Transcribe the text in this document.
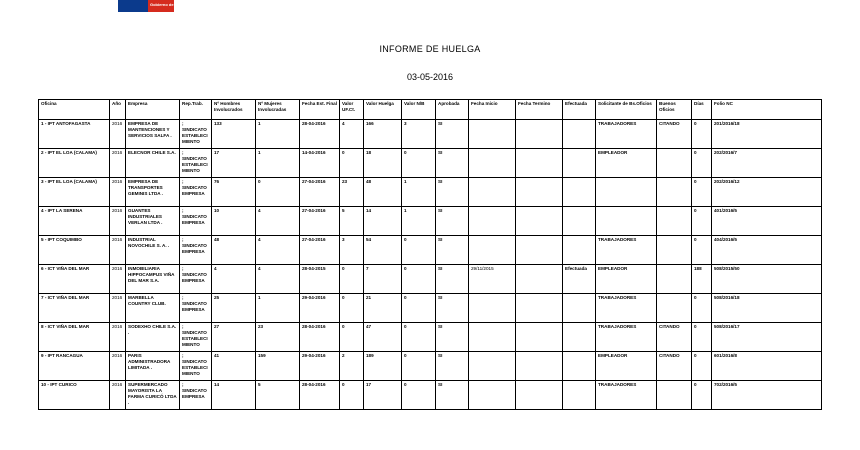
Gobierno de Chile
INFORME DE HUELGA
03-05-2016
Oficina	Año	Empresa	Rep.Trab.	Nº Hombres Involucrados	Nº Mujeres Involucradas	Fecha Est. Final	Valor UF.Ct.	Valor Huelga	Valor N/B	Aprobada	Fecha Inicio	Fecha Termino	Efectuada	Solicitante de Bs.Oficios	Buenos Oficios	Días	Folio NC
1 - IPT ANTOFAGASTA	2016	EMPRESA DE MANTENCIONES Y SERVICIOS SALFA .	; SINDICATO ESTABLECIMIENTO	133	1	28-04-2016	4	166	3	SI				TRABAJADORES	CITANDO	0	201/2016/18
2 - IPT EL LOA (CALAMA)	2016	ELECNOR CHILE S.A.	; SINDICATO ESTABLECIMIENTO	17	1	14-04-2016	0	18	0	SI				EMPLEADOR		0	202/2016/7
3 - IPT EL LOA (CALAMA)	2016	EMPRESA DE TRANSPORTES GEMINIS LTDA .	; SINDICATO EMPRESA	76	0	27-04-2016	23	48	1	SI						0	202/2016/12
4 - IPT LA SERENA	2016	GUANTES INDUSTRIALES VERLAN LTDA .	; SINDICATO EMPRESA	10	4	27-04-2016	5	14	1	SI						0	401/2016/5
5 - IPT COQUIMBO	2016	INDUSTRIAL NOVOCHILE S. A. .	; SINDICATO EMPRESA	48	4	27-04-2016	3	54	0	SI				TRABAJADORES		0	404/2016/5
6 - ICT VIÑA DEL MAR	2016	INMOBILIARIA HIPPOCAMPUS VIÑA DEL MAR S.A.	; SINDICATO EMPRESA	4	4	28-04-2015	0	7	0	SI	29/11/2015		Efectuada	EMPLEADOR		188	508/2015/50
7 - ICT VIÑA DEL MAR	2016	MARBELLA COUNTRY CLUB.	; SINDICATO EMPRESA	25	1	29-04-2016	0	21	0	SI				TRABAJADORES		0	508/2016/18
8 - ICT VIÑA DEL MAR	2016	SODEXHO CHILE S.A. .	; SINDICATO ESTABLECIMIENTO	27	23	28-04-2016	0	47	0	SI				TRABAJADORES	CITANDO	0	508/2016/17
9 - IPT RANCAGUA	2016	PARIS ADMINISTRADORA LIMITADA .	; SINDICATO ESTABLECIMIENTO	41	159	29-04-2016	2	189	0	SI				EMPLEADOR	CITANDO	0	601/2016/8
10 - IPT CURICO	2016	SUPERMERCADO MAYORISTA LA FARMA CURICÓ LTDA .	; SINDICATO EMPRESA	14	5	28-04-2016	0	17	0	SI				TRABAJADORES		0	702/2016/5
